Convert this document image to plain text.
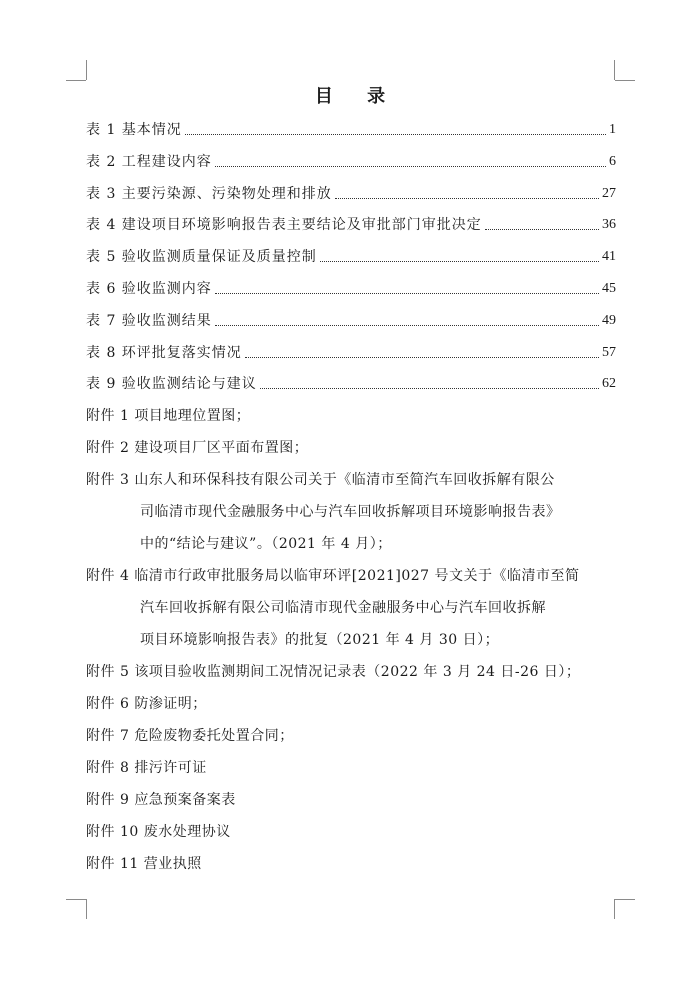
目 录
表 1 基本情况	1
表 2 工程建设内容	6
表 3 主要污染源、污染物处理和排放	27
表 4 建设项目环境影响报告表主要结论及审批部门审批决定	36
表 5 验收监测质量保证及质量控制	41
表 6 验收监测内容	45
表 7 验收监测结果	49
表 8 环评批复落实情况	57
表 9 验收监测结论与建议	62
附件 1 项目地理位置图；
附件 2 建设项目厂区平面布置图；
附件 3 山东人和环保科技有限公司关于《临清市至简汽车回收拆解有限公
司临清市现代金融服务中心与汽车回收拆解项目环境影响报告表》
中的“结论与建议”。（2021 年 4 月）；
附件 4 临清市行政审批服务局以临审环评[2021]027 号文关于《临清市至简
汽车回收拆解有限公司临清市现代金融服务中心与汽车回收拆解
项目环境影响报告表》的批复（2021 年 4 月 30 日）；
附件 5 该项目验收监测期间工况情况记录表（2022 年 3 月 24 日-26 日）；
附件 6 防渗证明；
附件 7 危险废物委托处置合同；
附件 8 排污许可证
附件 9 应急预案备案表
附件 10 废水处理协议
附件 11 营业执照
